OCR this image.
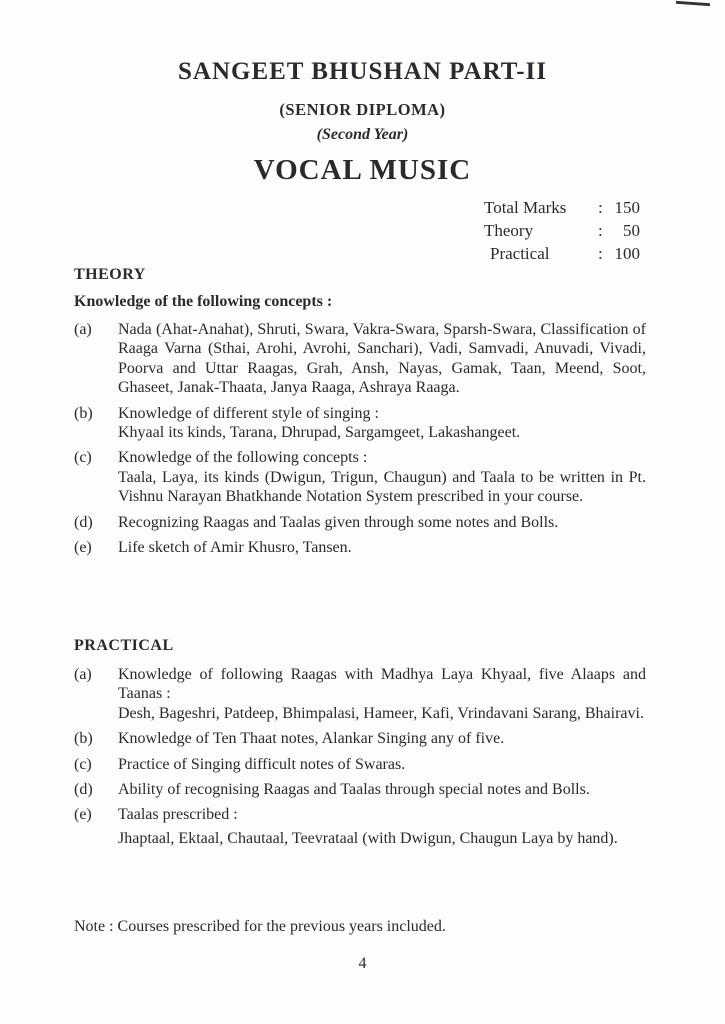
SANGEET BHUSHAN PART-II
(SENIOR DIPLOMA)
(Second Year)
VOCAL MUSIC
Total Marks	: 150
Theory	:	50
Practical	: 100
THEORY
Knowledge of the following concepts :
(a)	Nada (Ahat-Anahat), Shruti, Swara, Vakra-Swara, Sparsh-Swara, Classification of Raaga Varna (Sthai, Arohi, Avrohi, Sanchari), Vadi, Samvadi, Anuvadi, Vivadi, Poorva and Uttar Raagas, Grah, Ansh, Nayas, Gamak, Taan, Meend, Soot, Ghaseet, Janak-Thaata, Janya Raaga, Ashraya Raaga.

(b)	Knowledge of different style of singing :

Khyaal its kinds, Tarana, Dhrupad, Sargamgeet, Lakashangeet.

(c)	Knowledge of the following concepts :

Taala, Laya, its kinds (Dwigun, Trigun, Chaugun) and Taala to be written in Pt. Vishnu Narayan Bhatkhande Notation System prescribed in your course.

(d)	Recognizing Raagas and Taalas given through some notes and Bolls.

(e)	Life sketch of Amir Khusro, Tansen.

PRACTICAL
(a)	Knowledge of following Raagas with Madhya Laya Khyaal, five Alaaps and Taanas :

Desh, Bageshri, Patdeep, Bhimpalasi, Hameer, Kafi, Vrindavani Sarang, Bhairavi.

(b)	Knowledge of Ten Thaat notes, Alankar Singing any of five.

(c)	Practice of Singing difficult notes of Swaras.

(d)	Ability of recognising Raagas and Taalas through special notes and Bolls.

(e)	Taalas prescribed :

Jhaptaal, Ektaal, Chautaal, Teevrataal (with Dwigun, Chaugun Laya by hand).

Note : Courses prescribed for the previous years included.
4
